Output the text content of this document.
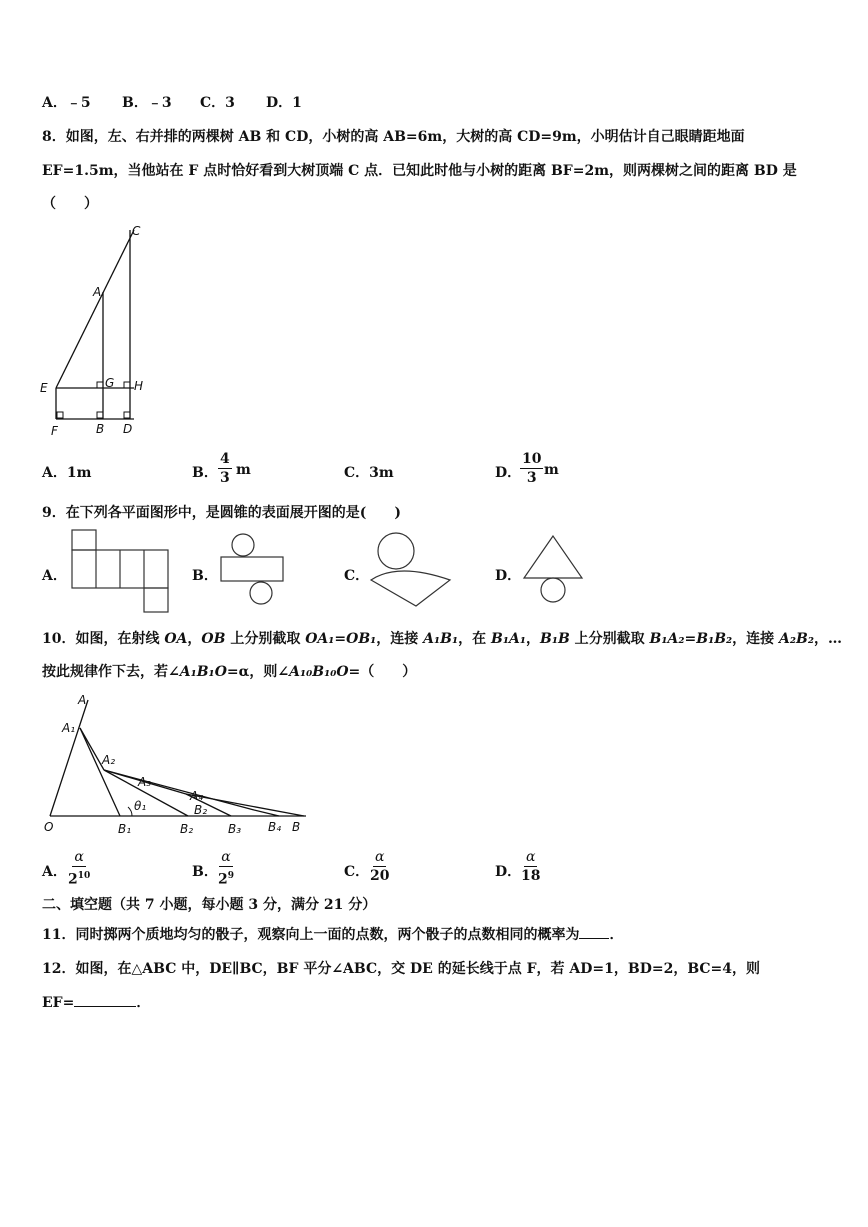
A．﹣5 B．﹣3 C．3 D．1
8．如图，左、右并排的两棵树 AB 和 CD，小树的高 AB=6m，大树的高 CD=9m，小明估计自己眼睛距地面
EF=1.5m，当他站在 F 点时恰好看到大树顶端 C 点．已知此时他与小树的距离 BF=2m，则两棵树之间的距离 BD 是
（　　）
C
A
E	G H
F	B D
A．1m	B． $\frac{4}{3}$ m	C．3m	D．
$\frac{10}{3}$ m
9．在下列各平面图形中，是圆锥的表面展开图的是(　　)
A．	B．	C．	D．
10．如图，在射线 OA，OB 上分别截取 OA₁=OB₁，连接 A₁B₁，在 B₁A₁，B₁B 上分别截取 B₁A₂=B₁B₂，连接 A₂B₂，…
按此规律作下去，若∠A₁B₁O=α，则∠A₁₀B₁₀O=（　　）
A
A₁
A₂
A₃
A₄
θ₁	B₂
O	B₁	B₂	B₃ B₄ B
A． $\frac{\alpha}{2^{10}}$	B． $\frac{\alpha}{2^9}$	C． $\frac{\alpha}{20}$	D． $\frac{\alpha}{18}$
二、填空题（共 7 小题，每小题 3 分，满分 21 分）
11．同时掷两个质地均匀的骰子，观察向上一面的点数，两个骰子的点数相同的概率为 ．
12．如图，在△ABC 中，DE∥BC，BF 平分∠ABC，交 DE 的延长线于点 F，若 AD=1，BD=2，BC=4，则
EF=	．
